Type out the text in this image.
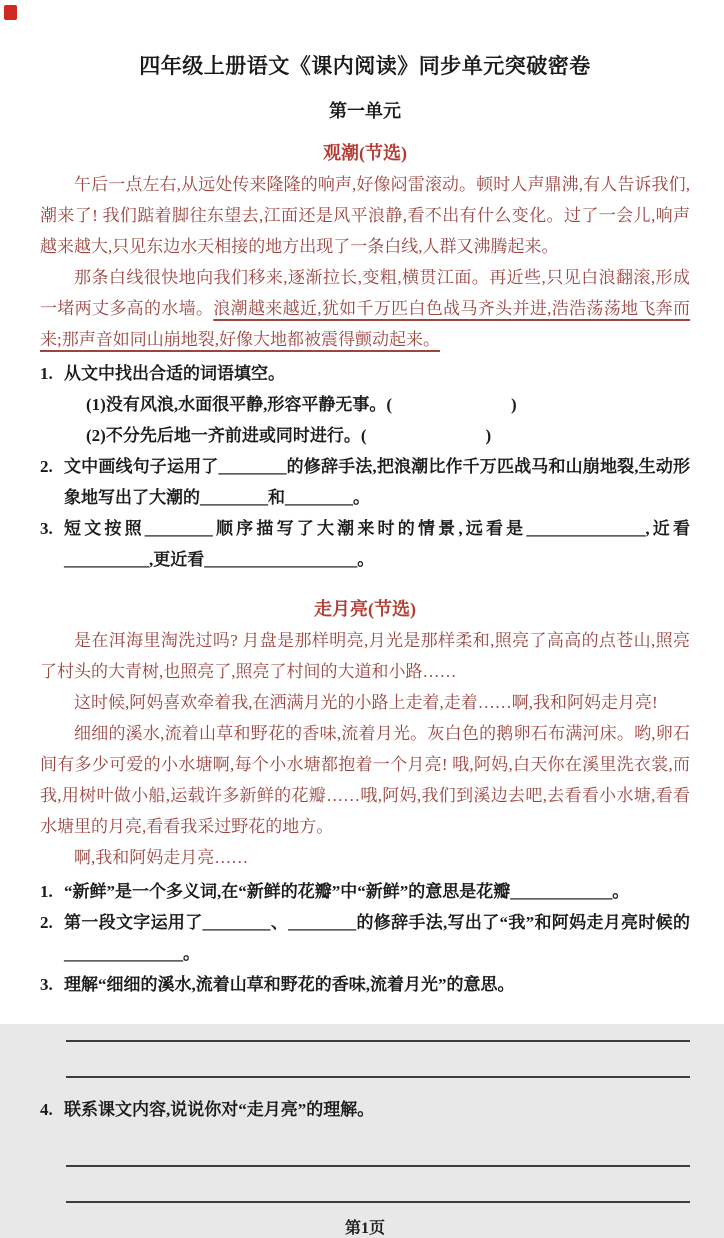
四年级上册语文《课内阅读》同步单元突破密卷
第一单元
观潮(节选)

午后一点左右,从远处传来隆隆的响声,好像闷雷滚动。顿时人声鼎沸,有人告诉我们,潮来了! 我们踮着脚往东望去,江面还是风平浪静,看不出有什么变化。过了一会儿,响声越来越大,只见东边水天相接的地方出现了一条白线,人群又沸腾起来。

那条白线很快地向我们移来,逐渐拉长,变粗,横贯江面。再近些,只见白浪翻滚,形成一堵两丈多高的水墙。浪潮越来越近,犹如千万匹白色战马齐头并进,浩浩荡荡地飞奔而来;那声音如同山崩地裂,好像大地都被震得颤动起来。

1. 从文中找出合适的词语填空。
(1)没有风浪,水面很平静,形容平静无事。(　　　　　　　)
(2)不分先后地一齐前进或同时进行。(　　　　　　　)
2. 文中画线句子运用了________的修辞手法,把浪潮比作千万匹战马和山崩地裂,生动形象地写出了大潮的________和________。
3. 短文按照________顺序描写了大潮来时的情景,远看是______________,近看__________,更近看__________________。
走月亮(节选)

是在洱海里淘洗过吗? 月盘是那样明亮,月光是那样柔和,照亮了高高的点苍山,照亮了村头的大青树,也照亮了,照亮了村间的大道和小路……

这时候,阿妈喜欢牵着我,在洒满月光的小路上走着,走着……啊,我和阿妈走月亮!

细细的溪水,流着山草和野花的香味,流着月光。灰白色的鹅卵石布满河床。哟,卵石间有多少可爱的小水塘啊,每个小水塘都抱着一个月亮! 哦,阿妈,白天你在溪里洗衣裳,而我,用树叶做小船,运载许多新鲜的花瓣……哦,阿妈,我们到溪边去吧,去看看小水塘,看看水塘里的月亮,看看我采过野花的地方。

啊,我和阿妈走月亮……

1. “新鲜”是一个多义词,在“新鲜的花瓣”中“新鲜”的意思是花瓣____________。
2. 第一段文字运用了________、________的修辞手法,写出了“我”和阿妈走月亮时候的______________。
3. 理解“细细的溪水,流着山草和野花的香味,流着月光”的意思。
4. 联系课文内容,说说你对“走月亮”的理解。
第1页
